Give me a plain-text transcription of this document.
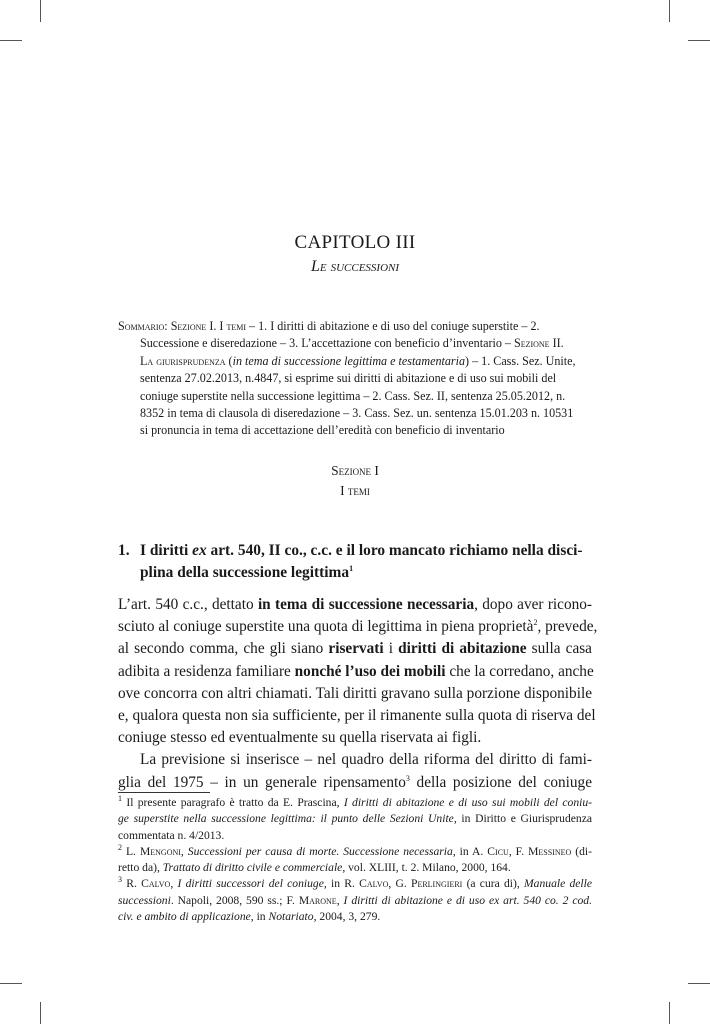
CAPITOLO III
Le successioni
Sommario: Sezione I. I temi – 1. I diritti di abitazione e di uso del coniuge superstite – 2.
Successione e diseredazione – 3. L’accettazione con beneficio d’inventario – Sezione II.
La giurisprudenza (in tema di successione legittima e testamentaria) – 1. Cass. Sez. Unite,
sentenza 27.02.2013, n.4847, si esprime sui diritti di abitazione e di uso sui mobili del
coniuge superstite nella successione legittima – 2. Cass. Sez. II, sentenza 25.05.2012, n.
8352 in tema di clausola di diseredazione – 3. Cass. Sez. un. sentenza 15.01.203 n. 10531
si pronuncia in tema di accettazione dell’eredità con beneficio di inventario
Sezione I
I temi
1. I diritti ex art. 540, II co., c.c. e il loro mancato richiamo nella disci-
plina della successione legittima$^1$
L’art. 540 c.c., dettato in tema di successione necessaria, dopo aver ricono-
sciuto al coniuge superstite una quota di legittima in piena proprietà$^2$, prevede,
al secondo comma, che gli siano riservati i diritti di abitazione sulla casa
adibita a residenza familiare nonché l’uso dei mobili che la corredano, anche
ove concorra con altri chiamati. Tali diritti gravano sulla porzione disponibile
e, qualora questa non sia sufficiente, per il rimanente sulla quota di riserva del
coniuge stesso ed eventualmente su quella riservata ai figli.
La previsione si inserisce – nel quadro della riforma del diritto di fami-
glia del 1975 – in un generale ripensamento$^3$ della posizione del coniuge
$^1$ Il presente paragrafo è tratto da E. Prascina, I diritti di abitazione e di uso sui mobili del coniu-
ge superstite nella successione legittima: il punto delle Sezioni Unite, in Diritto e Giurisprudenza
commentata n. 4/2013.
$^2$ L. Mengoni, Successioni per causa di morte. Successione necessaria, in A. Cicu, F. Messineo (di-
retto da), Trattato di diritto civile e commerciale, vol. XLIII, t. 2. Milano, 2000, 164.
$^3$ R. Calvo, I diritti successori del coniuge, in R. Calvo, G. Perlingieri (a cura di), Manuale delle
successioni. Napoli, 2008, 590 ss.; F. Marone, I diritti di abitazione e di uso ex art. 540 co. 2 cod.
civ. e ambito di applicazione, in Notariato, 2004, 3, 279.
